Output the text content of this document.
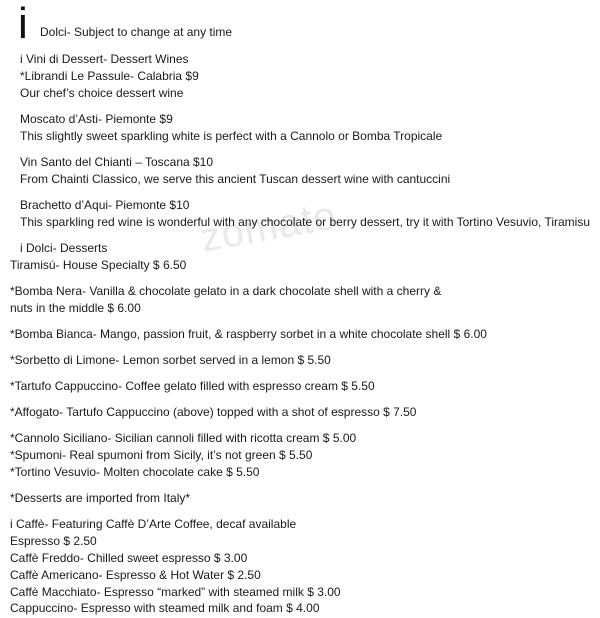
zomato
i Dolci- Subject to change at any time
i Vini di Dessert- Dessert Wines
*Librandi Le Passule- Calabria $9
Our chef’s choice dessert wine
Moscato d’Asti- Piemonte $9
This slightly sweet sparkling white is perfect with a Cannolo or Bomba Tropicale
Vin Santo del Chianti – Toscana $10
From Chainti Classico, we serve this ancient Tuscan dessert wine with cantuccini
Brachetto d’Aqui- Piemonte $10
This sparkling red wine is wonderful with any chocolate or berry dessert, try it with Tortino Vesuvio, Tiramisu
i Dolci- Desserts
Tiramisú- House Specialty $ 6.50
*Bomba Nera- Vanilla & chocolate gelato in a dark chocolate shell with a cherry &
nuts in the middle $ 6.00
*Bomba Bianca- Mango, passion fruit, & raspberry sorbet in a white chocolate shell $ 6.00
*Sorbetto di Limone- Lemon sorbet served in a lemon $ 5.50
*Tartufo Cappuccino- Coffee gelato filled with espresso cream $ 5.50
*Affogato- Tartufo Cappuccino (above) topped with a shot of espresso $ 7.50
*Cannolo Siciliano- Sicilian cannoli filled with ricotta cream $ 5.00
*Spumoni- Real spumoni from Sicily, it’s not green $ 5.50
*Tortino Vesuvio- Molten chocolate cake $ 5.50
*Desserts are imported from Italy*
i Caffè- Featuring Caffè D’Arte Coffee, decaf available
Espresso $ 2.50
Caffè Freddo- Chilled sweet espresso $ 3.00
Caffè Americano- Espresso & Hot Water $ 2.50
Caffè Macchiato- Espresso “marked” with steamed milk $ 3.00
Cappuccino- Espresso with steamed milk and foam $ 4.00
